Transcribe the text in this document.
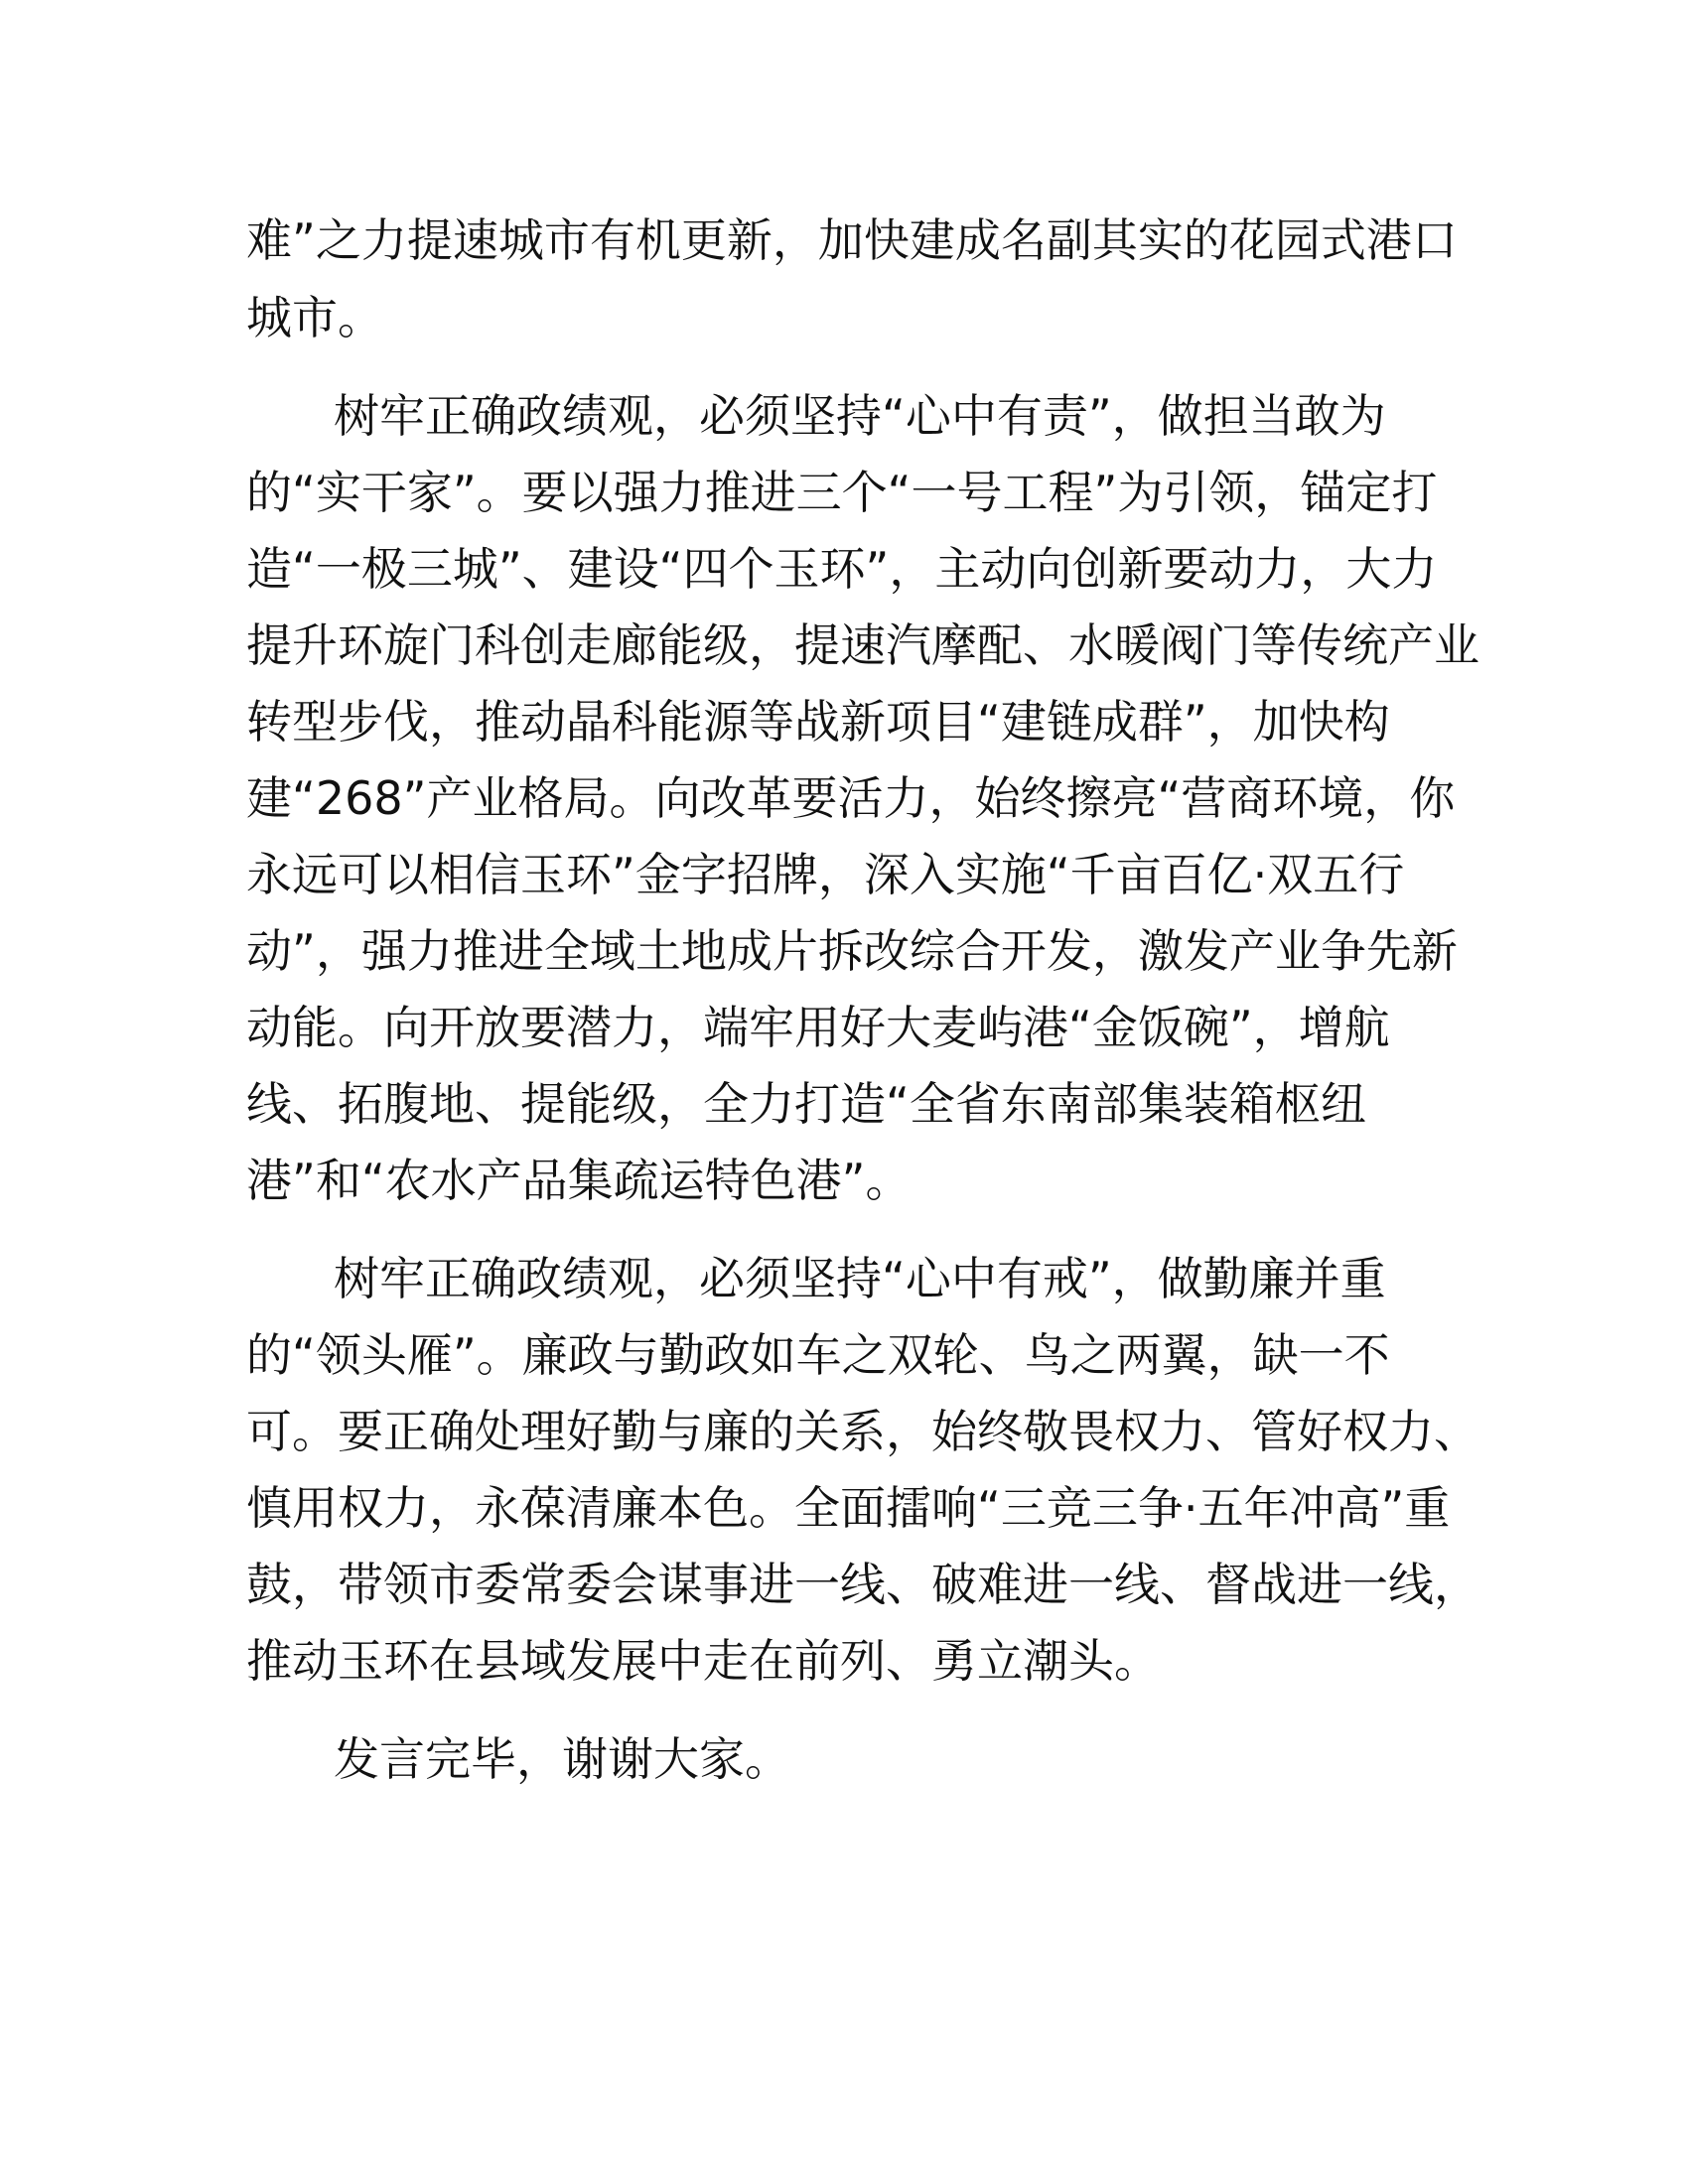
难”之力提速城市有机更新，加快建成名副其实的花园式港口
城市。
树牢正确政绩观，必须坚持“心中有责”，做担当敢为
的“实干家”。要以强力推进三个“一号工程”为引领，锚定打
造“一极三城”、建设“四个玉环”，主动向创新要动力，大力
提升环旋门科创走廊能级，提速汽摩配、水暖阀门等传统产业
转型步伐，推动晶科能源等战新项目“建链成群”，加快构
建“268”产业格局。向改革要活力，始终擦亮“营商环境，你
永远可以相信玉环”金字招牌，深入实施“千亩百亿·双五行
动”，强力推进全域土地成片拆改综合开发，激发产业争先新
动能。向开放要潜力，端牢用好大麦屿港“金饭碗”，增航
线、拓腹地、提能级，全力打造“全省东南部集装箱枢纽
港”和“农水产品集疏运特色港”。
树牢正确政绩观，必须坚持“心中有戒”，做勤廉并重
的“领头雁”。廉政与勤政如车之双轮、鸟之两翼，缺一不
可。要正确处理好勤与廉的关系，始终敬畏权力、管好权力、
慎用权力，永葆清廉本色。全面擂响“三竞三争·五年冲高”重
鼓，带领市委常委会谋事进一线、破难进一线、督战进一线，
推动玉环在县域发展中走在前列、勇立潮头。
发言完毕，谢谢大家。
